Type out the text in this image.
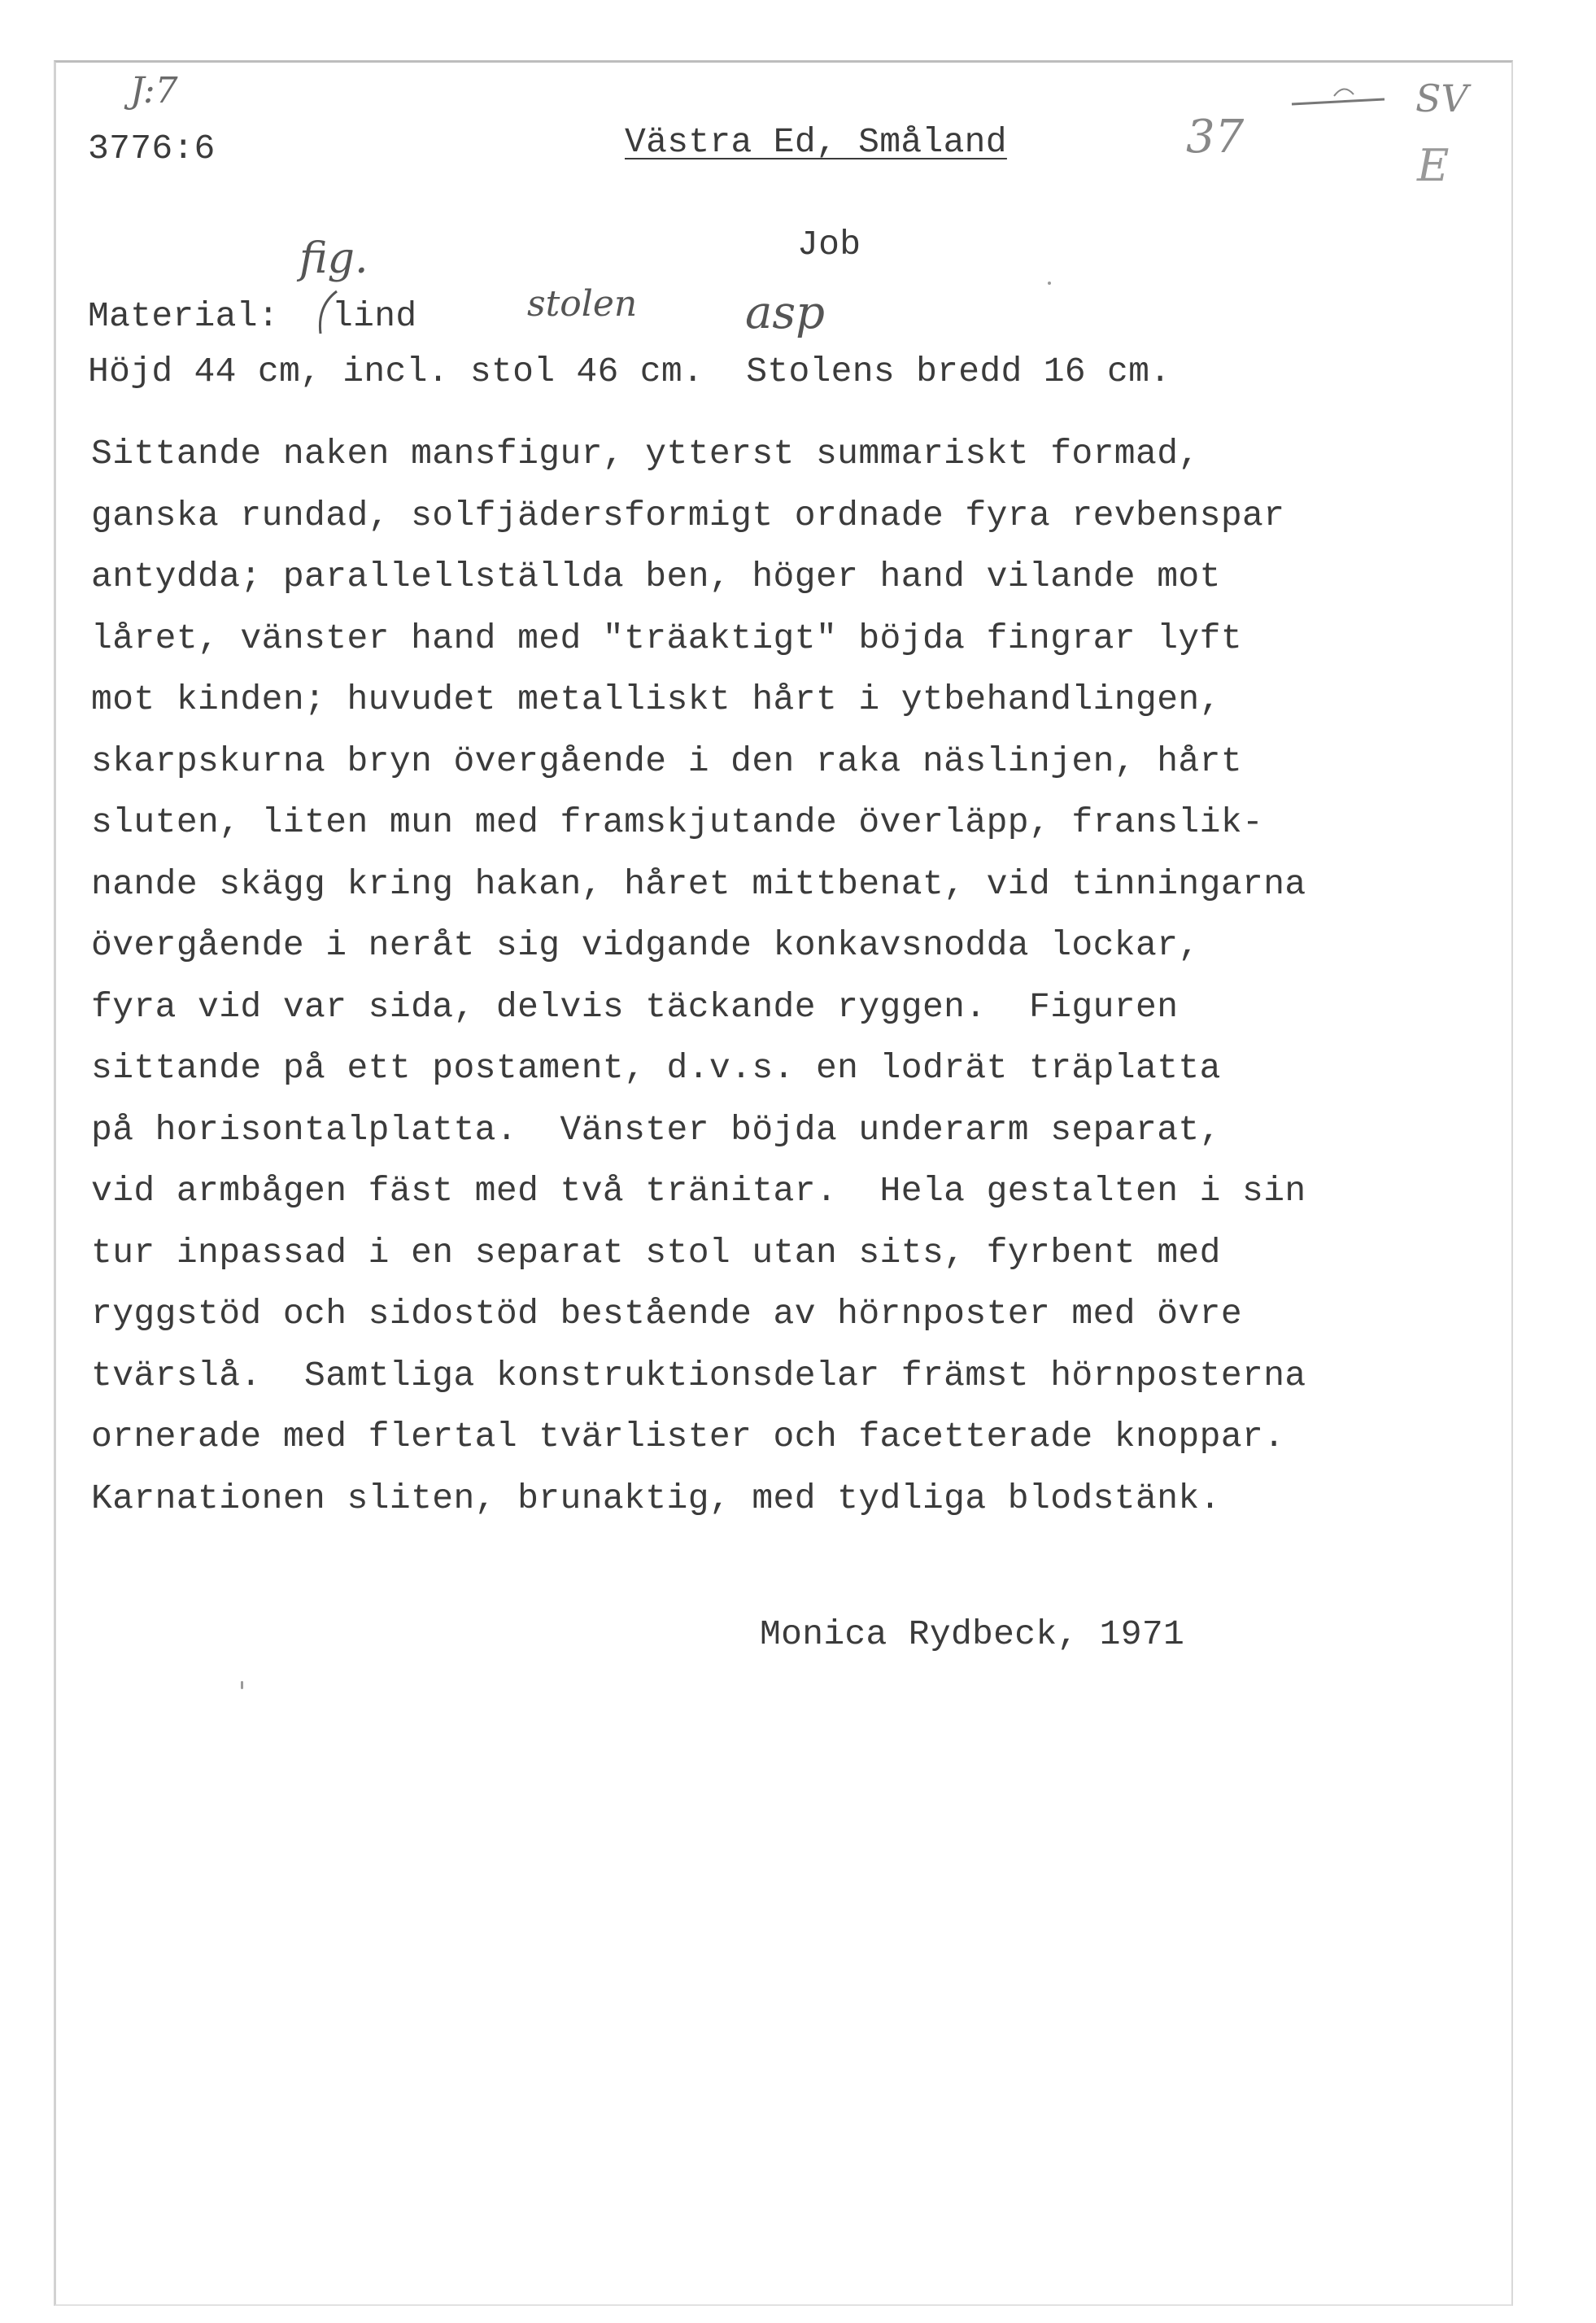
J:7
37
SV
E
3776:6	Västra Ed, Småland
Job
fig.
Material: lind	stolen asp
Höjd 44 cm, incl. stol 46 cm.  Stolens bredd 16 cm.
Sittande naken mansfigur, ytterst summariskt formad,
ganska rundad, solfjädersformigt ordnade fyra revbenspar
antydda; parallellställda ben, höger hand vilande mot
låret, vänster hand med "träaktigt" böjda fingrar lyft
mot kinden; huvudet metalliskt hårt i ytbehandlingen,
skarpskurna bryn övergående i den raka näslinjen, hårt
sluten, liten mun med framskjutande överläpp, franslik-
nande skägg kring hakan, håret mittbenat, vid tinningarna
övergående i neråt sig vidgande konkavsnodda lockar,
fyra vid var sida, delvis täckande ryggen.  Figuren
sittande på ett postament, d.v.s. en lodrät träplatta
på horisontalplatta.  Vänster böjda underarm separat,
vid armbågen fäst med två tränitar.  Hela gestalten i sin
tur inpassad i en separat stol utan sits, fyrbent med
ryggstöd och sidostöd bestående av hörnposter med övre
tvärslå.  Samtliga konstruktionsdelar främst hörnposterna
ornerade med flertal tvärlister och facetterade knoppar.
Karnationen sliten, brunaktig, med tydliga blodstänk.
Monica Rydbeck, 1971
